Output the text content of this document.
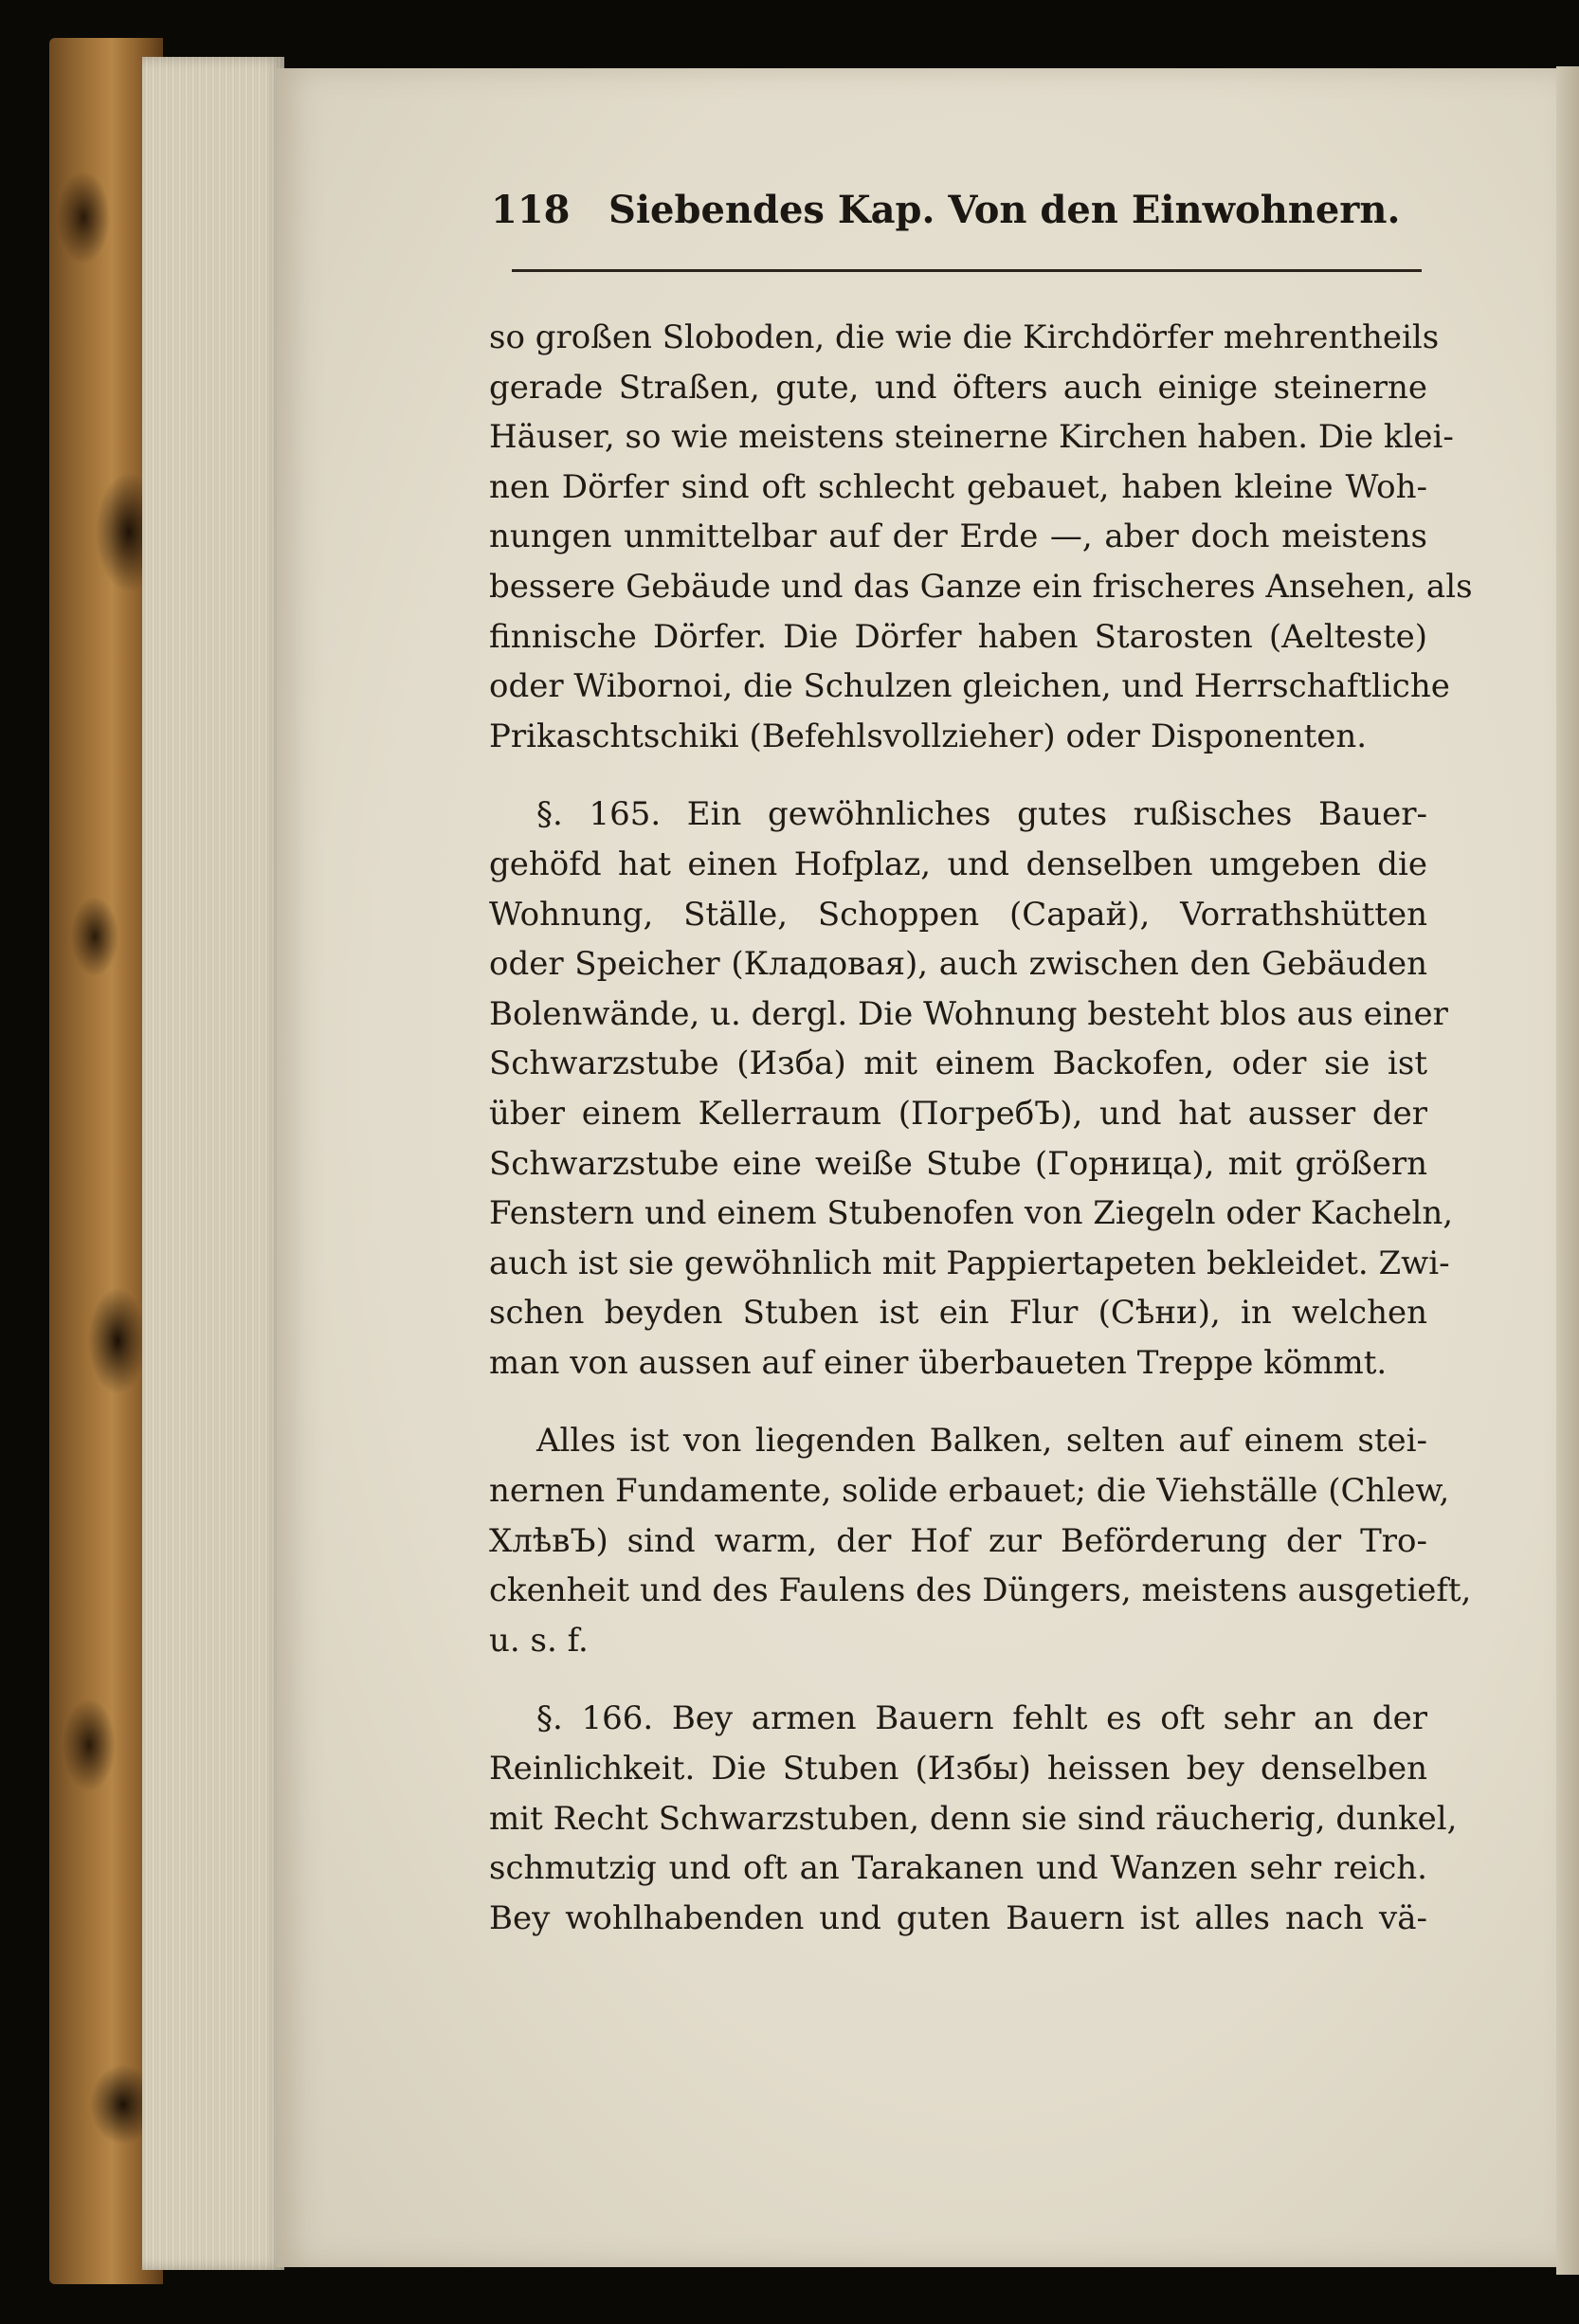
118 Siebendes Kap. Von den Einwohnern.
so großen Sloboden, die wie die Kirchdörfer mehrentheils
gerade Straßen, gute, und öfters auch einige steinerne
Häuser, so wie meistens steinerne Kirchen haben. Die klei-
nen Dörfer sind oft schlecht gebauet, haben kleine Woh-
nungen unmittelbar auf der Erde —, aber doch meistens
bessere Gebäude und das Ganze ein frischeres Ansehen, als
finnische Dörfer. Die Dörfer haben Starosten (Aelteste)
oder Wibornoi, die Schulzen gleichen, und Herrschaftliche
Prikaschtschiki (Befehlsvollzieher) oder Disponenten.
§. 165. Ein gewöhnliches gutes rußisches Bauer-
gehöfd hat einen Hofplaz, und denselben umgeben die
Wohnung, Ställe, Schoppen (Сарай), Vorrathshütten
oder Speicher (Кладовая), auch zwischen den Gebäuden
Bolenwände, u. dergl. Die Wohnung besteht blos aus einer
Schwarzstube (Изба) mit einem Backofen, oder sie ist
über einem Kellerraum (ПогребЪ), und hat ausser der
Schwarzstube eine weiße Stube (Горница), mit größern
Fenstern und einem Stubenofen von Ziegeln oder Kacheln,
auch ist sie gewöhnlich mit Pappiertapeten bekleidet. Zwi-
schen beyden Stuben ist ein Flur (Сѣни), in welchen
man von aussen auf einer überbaueten Treppe kömmt.
Alles ist von liegenden Balken, selten auf einem stei-
nernen Fundamente, solide erbauet; die Viehställe (Chlew,
ХлѣвЪ) sind warm, der Hof zur Beförderung der Tro-
ckenheit und des Faulens des Düngers, meistens ausgetieft,
u. s. f.
§. 166. Bey armen Bauern fehlt es oft sehr an der
Reinlichkeit. Die Stuben (Избы) heissen bey denselben
mit Recht Schwarzstuben, denn sie sind räucherig, dunkel,
schmutzig und oft an Tarakanen und Wanzen sehr reich.
Bey wohlhabenden und guten Bauern ist alles nach vä-
